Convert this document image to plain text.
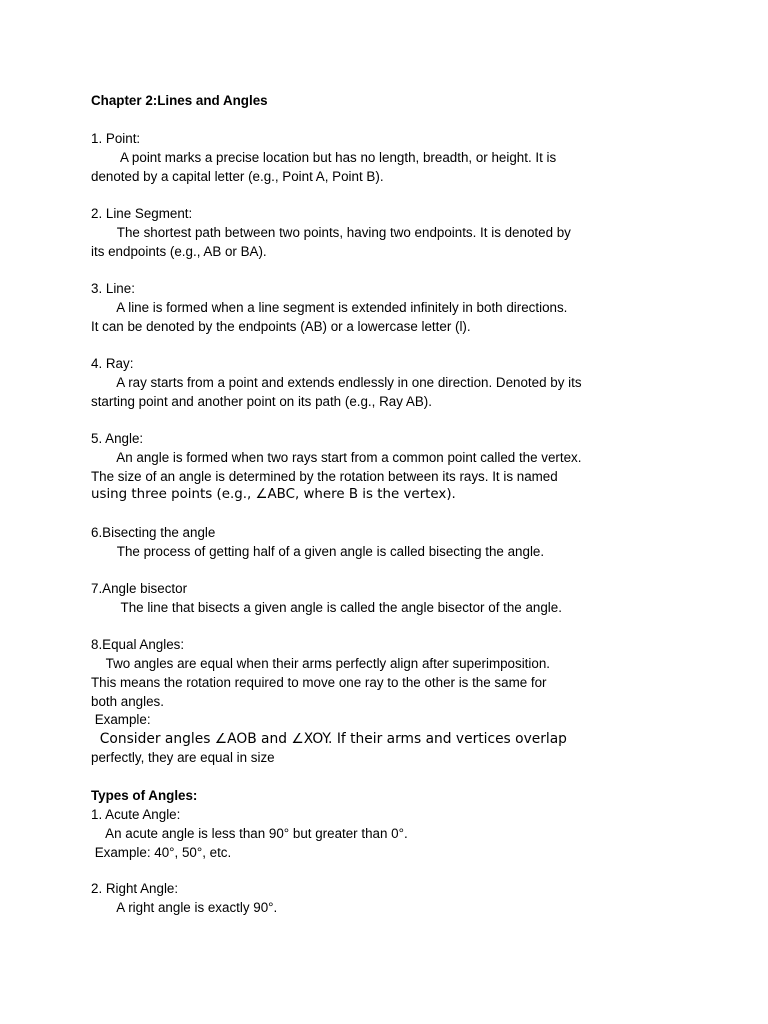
Chapter 2:Lines and Angles
1. Point:
A point marks a precise location but has no length, breadth, or height. It is
denoted by a capital letter (e.g., Point A, Point B).
2. Line Segment:
The shortest path between two points, having two endpoints. It is denoted by
its endpoints (e.g., AB or BA).
3. Line:
A line is formed when a line segment is extended infinitely in both directions.
It can be denoted by the endpoints (AB) or a lowercase letter (l).
4. Ray:
A ray starts from a point and extends endlessly in one direction. Denoted by its
starting point and another point on its path (e.g., Ray AB).
5. Angle:
An angle is formed when two rays start from a common point called the vertex.
The size of an angle is determined by the rotation between its rays. It is named
using three points (e.g., ∠ABC, where B is the vertex).
6.Bisecting the angle
The process of getting half of a given angle is called bisecting the angle.
7.Angle bisector
The line that bisects a given angle is called the angle bisector of the angle.
8.Equal Angles:
Two angles are equal when their arms perfectly align after superimposition.
This means the rotation required to move one ray to the other is the same for
both angles.
Example:
Consider angles ∠AOB and ∠XOY. If their arms and vertices overlap
perfectly, they are equal in size
Types of Angles:
1. Acute Angle:
An acute angle is less than 90° but greater than 0°.
Example: 40°, 50°, etc.
2. Right Angle:
A right angle is exactly 90°.
